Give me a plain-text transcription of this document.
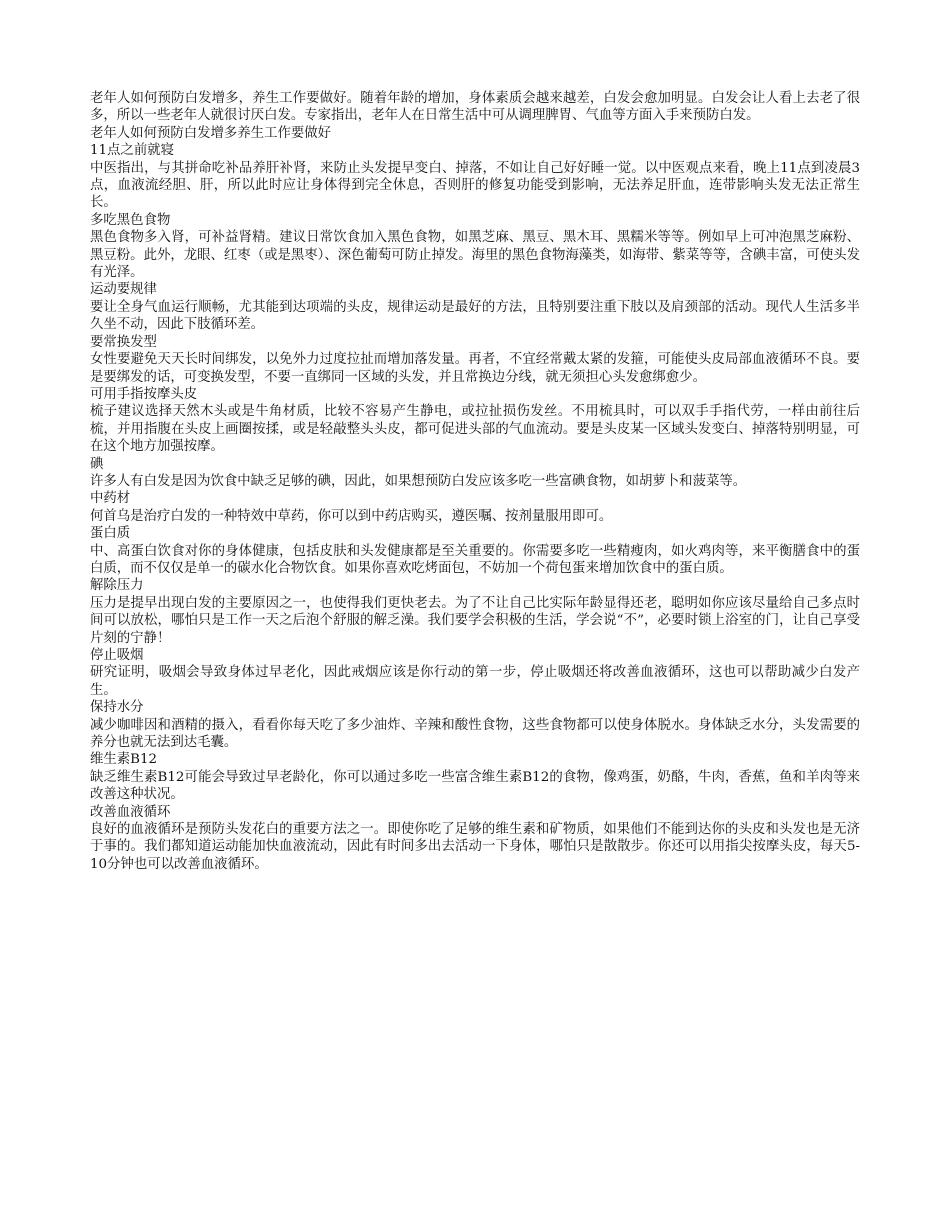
老年人如何预防白发增多，养生工作要做好。随着年龄的增加，身体素质会越来越差，白发会愈加明显。白发会让人看上去老了很多，所以一些老年人就很讨厌白发。专家指出，老年人在日常生活中可从调理脾胃、气血等方面入手来预防白发。

老年人如何预防白发增多养生工作要做好
11点之前就寝

中医指出，与其拼命吃补品养肝补肾，来防止头发提早变白、掉落，不如让自己好好睡一觉。以中医观点来看，晚上11点到凌晨3点，血液流经胆、肝，所以此时应让身体得到完全休息，否则肝的修复功能受到影响，无法养足肝血，连带影响头发无法正常生长。

多吃黑色食物

黑色食物多入肾，可补益肾精。建议日常饮食加入黑色食物，如黑芝麻、黑豆、黑木耳、黑糯米等等。例如早上可冲泡黑芝麻粉、黑豆粉。此外，龙眼、红枣（或是黑枣）、深色葡萄可防止掉发。海里的黑色食物海藻类，如海带、紫菜等等，含碘丰富，可使头发有光泽。

运动要规律

要让全身气血运行顺畅，尤其能到达项端的头皮，规律运动是最好的方法，且特别要注重下肢以及肩颈部的活动。现代人生活多半久坐不动，因此下肢循环差。

要常换发型

女性要避免天天长时间绑发，以免外力过度拉扯而增加落发量。再者，不宜经常戴太紧的发箍，可能使头皮局部血液循环不良。要是要绑发的话，可变换发型，不要一直绑同一区域的头发，并且常换边分线，就无须担心头发愈绑愈少。

可用手指按摩头皮

梳子建议选择天然木头或是牛角材质，比较不容易产生静电，或拉扯损伤发丝。不用梳具时，可以双手手指代劳，一样由前往后梳，并用指腹在头皮上画圈按揉，或是轻敲整头头皮，都可促进头部的气血流动。要是头皮某一区域头发变白、掉落特别明显，可在这个地方加强按摩。

碘

许多人有白发是因为饮食中缺乏足够的碘，因此，如果想预防白发应该多吃一些富碘食物，如胡萝卜和菠菜等。

中药材

何首乌是治疗白发的一种特效中草药，你可以到中药店购买，遵医嘱、按剂量服用即可。

蛋白质

中、高蛋白饮食对你的身体健康，包括皮肤和头发健康都是至关重要的。你需要多吃一些精瘦肉，如火鸡肉等，来平衡膳食中的蛋白质，而不仅仅是单一的碳水化合物饮食。如果你喜欢吃烤面包，不妨加一个荷包蛋来增加饮食中的蛋白质。

解除压力

压力是提早出现白发的主要原因之一，也使得我们更快老去。为了不让自己比实际年龄显得还老，聪明如你应该尽量给自己多点时间可以放松，哪怕只是工作一天之后泡个舒服的解乏澡。我们要学会积极的生活，学会说“不”，必要时锁上浴室的门，让自己享受片刻的宁静！

停止吸烟

研究证明，吸烟会导致身体过早老化，因此戒烟应该是你行动的第一步，停止吸烟还将改善血液循环，这也可以帮助减少白发产生。

保持水分

减少咖啡因和酒精的摄入，看看你每天吃了多少油炸、辛辣和酸性食物，这些食物都可以使身体脱水。身体缺乏水分，头发需要的养分也就无法到达毛囊。

维生素B12

缺乏维生素B12可能会导致过早老龄化，你可以通过多吃一些富含维生素B12的食物，像鸡蛋，奶酪，牛肉，香蕉，鱼和羊肉等来改善这种状况。

改善血液循环

良好的血液循环是预防头发花白的重要方法之一。即使你吃了足够的维生素和矿物质，如果他们不能到达你的头皮和头发也是无济于事的。我们都知道运动能加快血液流动，因此有时间多出去活动一下身体，哪怕只是散散步。你还可以用指尖按摩头皮，每天5-10分钟也可以改善血液循环。
